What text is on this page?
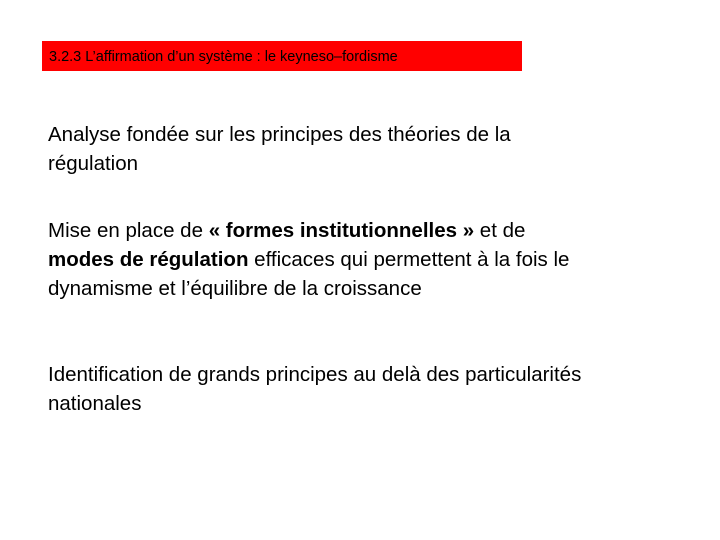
3.2.3 L’affirmation d’un système : le keyneso–fordisme

Analyse fondée sur les principes des théories de la
régulation

Mise en place de « formes institutionnelles » et de
modes de régulation efficaces qui permettent à la fois le
dynamisme et l’équilibre de la croissance

Identification de grands principes au delà des particularités
nationales
